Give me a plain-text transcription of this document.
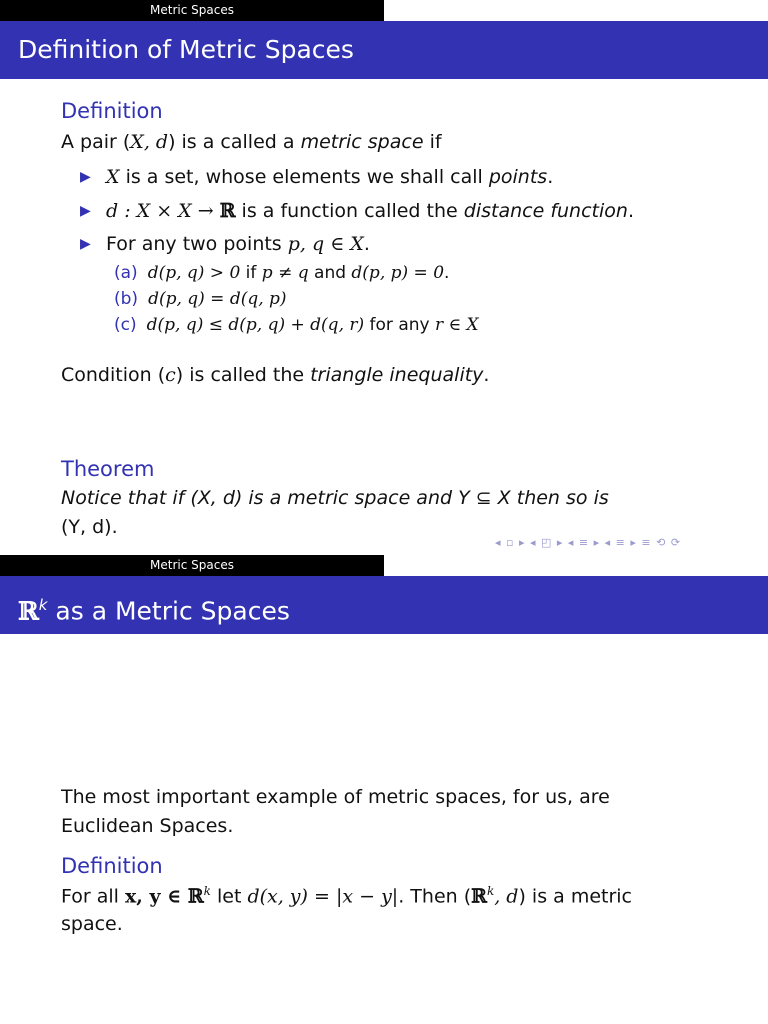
Metric Spaces
Definition of Metric Spaces
Definition
A pair (X, d) is a called a metric space if
▶ X is a set, whose elements we shall call points.
▶ d : X × X → ℝ is a function called the distance function.
▶ For any two points p, q ∈ X.
(a) d(p, q) > 0 if p ≠ q and d(p, p) = 0.
(b) d(p, q) = d(q, p)
(c) d(p, q) ≤ d(p, q) + d(q, r) for any r ∈ X
Condition (c) is called the triangle inequality.
Theorem
Notice that if (X, d) is a metric space and Y ⊆ X then so is
(Y, d).
◂ ▫ ▸ ◂ ◰ ▸ ◂ ≡ ▸ ◂ ≡ ▸ ≡ ⟲ ⟳
Metric Spaces
ℝ$^k$ as a Metric Spaces
The most important example of metric spaces, for us, are
Euclidean Spaces.
Definition
For all x, y ∈ ℝ$^k$ let d(x, y) = |x − y|. Then (ℝ$^k$, d) is a metric
space.
